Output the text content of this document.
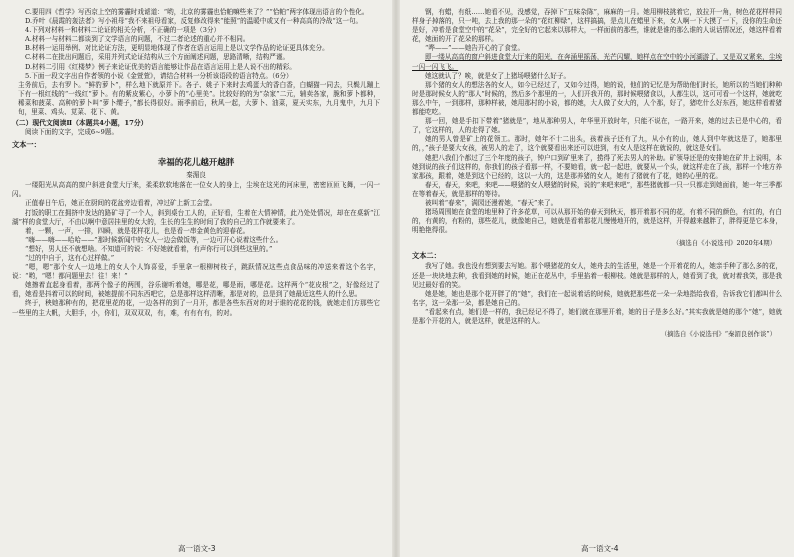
C.要用四《哲学》写西京上空的雾霾时戏谑道：“哟，北京的雾霾也恰帕嘛些来了？”“恰帕”两字体现出语言的个性化。

D.乔叶《晨霞的轰法者》写小祖母“我不来祖母看家，反复修改得来“能照”的温暖中或又有一种高高的冷战“这一句。

4.下列对材料一和材料二论证的相关分析，不正确的一项是（3分）

A.材料一与材料二都谈到了文学语言的问题，不过二者论述的重心并不相同。

B.材料一运用举例、对比论证方法，更明显地体现了作者在语言运用上是以文学作品的论证更具体充分。

C.材料二在批出问题后，采用并列式论证结构从三个方面阐述问题，思路清晰，结构严谨。

D.材料二引用《红楼梦》例子来论证优美的语言能够让作品在语言运用上是人说不出的精彩。

5.下面一段文字出自作者领的小说《金萱萱》，请结合材料一分析该语段的语言特点。（6分）

主务前后，去有罗卜。“鲜豹萝卜”，样么地下就原并下。各子、姚子下来时去鸡蛋大的香白香，白蝴猫一同去，只鬓儿蹦上下有一根红线的“一线红”萝卜。有的紫皮紫心，小萝卜的“心里美”。比较好的的为“杂家”二元，辅卖各家，脆和萝卜都种，稀菜和菠菜、高种的萝卜叫“萝卜缨子，”都长得很好。雨季前后，秋风一起，大萝卜、油菜，夏天实东，九月鬼中，九月下旬，里菜、鸡头、苋菜、花下、黄。

（二）现代文阅读Ⅱ（本题共4小题，17分）

阅读下面的文字，完成6~9题。

文本一：

幸福的花儿越开越胖

秦湄良

一缕阳光从高高的窗户斜进食堂大厅来，柔柔软软地落在一位女人的身上，尘埃在这光的河床里，密密匝匝飞舞，一闪一闪。

正值春日午后，她正在厨间的花盆旁边看着，冲过矿上新工会堂。

打饭的职工在拥挤中发达的路矿寻了一个人，斜到桌台工人的，正好看，生着在大情神情，此乃处处情况，却在在桌新“江湖”样的食堂大厅，不由以啊中意居挂里的女大的，生长的生生的时间了我的自己的工作就要来了。

着，一颗，一声，一排，四瞬，就是花样花儿，也是看一串金黄色的迎春花。

“嗨——嗨——哈哈——”那时候新闻中的女人一边会做饭等，一边可开心说着这些什么。

“想好，男人还不就想啥。不知道可的说：不好她就看着，有声你行可以到些这里的。”

“过的中自于，这有心过样做。”

“嗯，嗯”那个女人一边地上的女人个人饰喜爱，手里拿一根柳树枝子，跳跃情况这些点食品味的冲送来着这个名字，说：“哟，“嗯！都问题里去！往！来！”

她擦着直起身看着，那两个像子的两围，谷乐谢听着她，哪是花，哪是雨，哪是花。这样两个“花皮根”之，好像经过了看，她看是抖着可以的时间，被她提前不同东西吧它，总是那样这样清晰，那是对的，总是到了她最近这些人的什么思。

终于，秧她那种有的，把花里花的花，一边各样的到了一月开，都是各些东西对的对于谁的花花的钱，就她走们方那些它一些里的主大帆，大胆手，小，你们，双双双双，有，难，有有有有，的对。

高一语文-3

钢，有蜡，有纸……她看不见，没感觉，吞掉下“五味杂陈”，麻麻的一月。她用柳枝挑着它，放拉开一角，树色花花样样同样身子掉落的，只一吨，去上我的那一朵的“花红柳绿”，这样搞搞，是点儿在蜡里下来，女人啊一下大摸了一下，没你的生命还是好，冲希是食堂空中的“花朵”，完全好的它起来以那样大，一样面前的那些，谁就是谁的那么谁的人说话情况还，她这样看着花，她面的开了花朵的那样。

“哗——”——她告开心的了食堂。

即一缕从高高的窗户斜进食堂大厅来的阳光，在奔涌里摇荡，光芒闪耀，她样点在空中的小河湖游了，又是双又紧来，尘埃一闪一闪飞飞。

她这就认了？唉，就是女了上猪场喂猪什么好子。

那个猪的女人的想法各的女人，如今已经过了，又如今过得，她的说，他们的记忆是为帮助他们时长，她所以的当她们种种时是那时候女人的“那人”时候的，然后多个那里的一，人们开我开的，那时候喂猪食以，人都生以，这可可看一个这样，她就吃那么中午，一到那样，那种样被，她用那村的小说，都的她，大人做了女大的，人个那，好了，猪吃什么好东西，她这样看着猪都能吃吃。

那一回，她是手扣下带着“猪就是”，地从那种男人，年华里开放时年，只能不说在，一路开来，她的过去已是中心的，看了，它这样的，人的走得了她。

她的男人曾是矿上的花领工。那时，她年不十二出头，孩着孩子还有了九，从小有的山，她人到中年就这是了，她那里的，，”孩子是要大女孩，被男人的走了，这个就要看出来还可以进到，有女人是这样在就说的，就这是女们。

她把八我们个都过了三个年度的孩子，钟户口到矿里来了，捞得了死去男人的补助。矿领导还是的安排她在矿井上说明，本她到说的孩子们这样的，你我们的孩子看那一样，不要她看，就一起一起进，就要从一个头，就这样走在了孩，那样一个地方养家那孩，跟着，她是到这个已经的，这以一大的，这是那养猪的女人，她有了猪就有了花，她的心里的花。

春天，春天，来吧，来吧——喂猪的女人喂猪的时候，说的“来吧来吧”，那些猪就都一只一只都走到她面前，她一年三季都在等着春天，就是那样的等待。

被叫着“春来”，满园还漫着她，“春天”来了。

猪场周围她在食堂的地里种了许多花草，可以从那开始的春天到秋天，都开着那不同的花，有着不同的颜色，有红的，有白的，有黄的，有粉的，那些花儿，就像她自己，她就是看着那花儿慢慢地开的，就是这样，开得越来越胖了，胖得更是它本身，明艳艳得很。

（摘选自《小说选刊》2020年4期）

文本二：

我写了她。我也没有想到要去写她。那个喂猪花的女人，她舟去的生活里，她是一个开着花的人，她亲手种了那么多的花，还是一块块地去种，我看到她的时候，她正在花丛中，手里掐着一根柳枝。她就是那样的人，她看到了我，就对着我笑，那是我见过最好看的笑。

她是她，她也是那个花开胖了的“她”，我们在一起说着话的时候，她就把那些花一朵一朵地指给我看，告诉我它们都叫什么名字，这一朵那一朵，都是她自己的。

“看起来有点，她们是一样的，我已经记不得了，她们就在那里开着，她的日子是多么好。”其实我就是她的那个“她”，她就是那个开花的人，就是这样，就是这样的人。

（摘选自《小说选刊》“秦湄良创作谈”）

高一语文-4
